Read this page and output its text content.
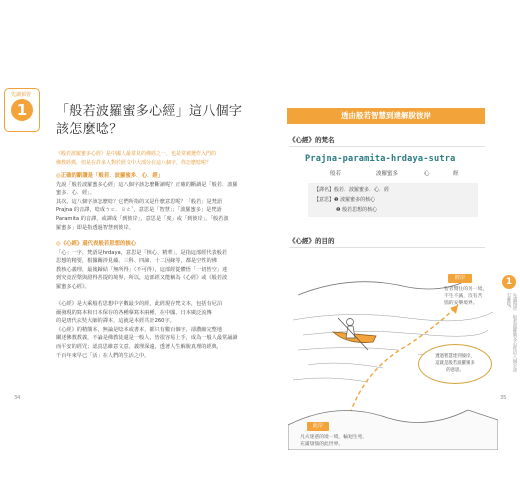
先讀預習
1	「般若波羅蜜多心經」這八個字
該怎麼唸？
《般若波羅蜜多心經》是中國人最常見的佛經之一，也是常被選作入門的
佛教經典，但是在許多人對於經文中大部分在這八個字，你怎麼唸呢？
◎正確的斷讀是「般若．波羅蜜多．心．經」
先說「般若波羅蜜多心經」這八個字該怎麼斷讀呢？正確的斷讀是「般若．波羅
蜜多．心．經」。
其次，這八個字該怎麼唸？它們所指的又是什麼意思呢？「般若」是梵語
Prajna 的音譯，唸成ㄅㄛ．ㄖㄜˇ，意思是「智慧」；「波羅蜜多」是梵語
Paramita 的音譯，或譯成「到彼岸」，意思是「度」或「到彼岸」，「般若波
羅蜜多」即是指透過智慧到彼岸。
◎《心經》還代表般若思想的核心
「心」一字，梵語是hrdaya，意思是「核心、精華」，是指這部經代表般若
思想的精要，根據關涉見蘊、三科、四諦、十二因緣等，都是空性的佛
教核心義理，最後歸結「無所得」（不可得），這部經從體悟「一切皆空」達
到究竟涅槃與證得菩提的境界，所以，這部經又能稱為《心經》或《般若波
羅蜜多心經》。
《心經》是大乘般若思想中字數最少的經，此經現存梵文本，包括有尼泊
爾發現的寫本和日本保存的各種摹寫本兩種，在中國、日本廣泛流傳
的是唐代玄奘大師的譯本，這就是本經共計260字。
《心經》的精簡本，無論是唸本或書本，都只有數百個字，卻濃縮完整地
闡述佛教教義，不論是佛教徒還是一般人，皆很容易上手，成為一般人最常誦讀
而平安的經咒；認真思維意文意、義理深遠，透著人生解脫真理的經典，
千百年來早已「活」在人們的生活之中。
34
透由般若智慧到達解脫彼岸
《心經》的梵名
Prajna-paramita-hrdaya-sutra
般若	波羅蜜多	心	經
【譯名】般若．波羅蜜多．心．經
【意思】❶ 波羅蜜多的核心
❷ 般若思想的核心
《心經》的目的
彼岸
智者嚮往的另一境，
不生不滅，沒有苦
惱的安樂境界。
透過智慧達到彼岸，
這就是般若波羅蜜多
的意思。
此岸
凡夫迷惑的境一境，輪迴生死、
充滿煩惱的此世界。
1
先讀預習　般若波羅蜜多心經這八個字該怎麼唸？
35
